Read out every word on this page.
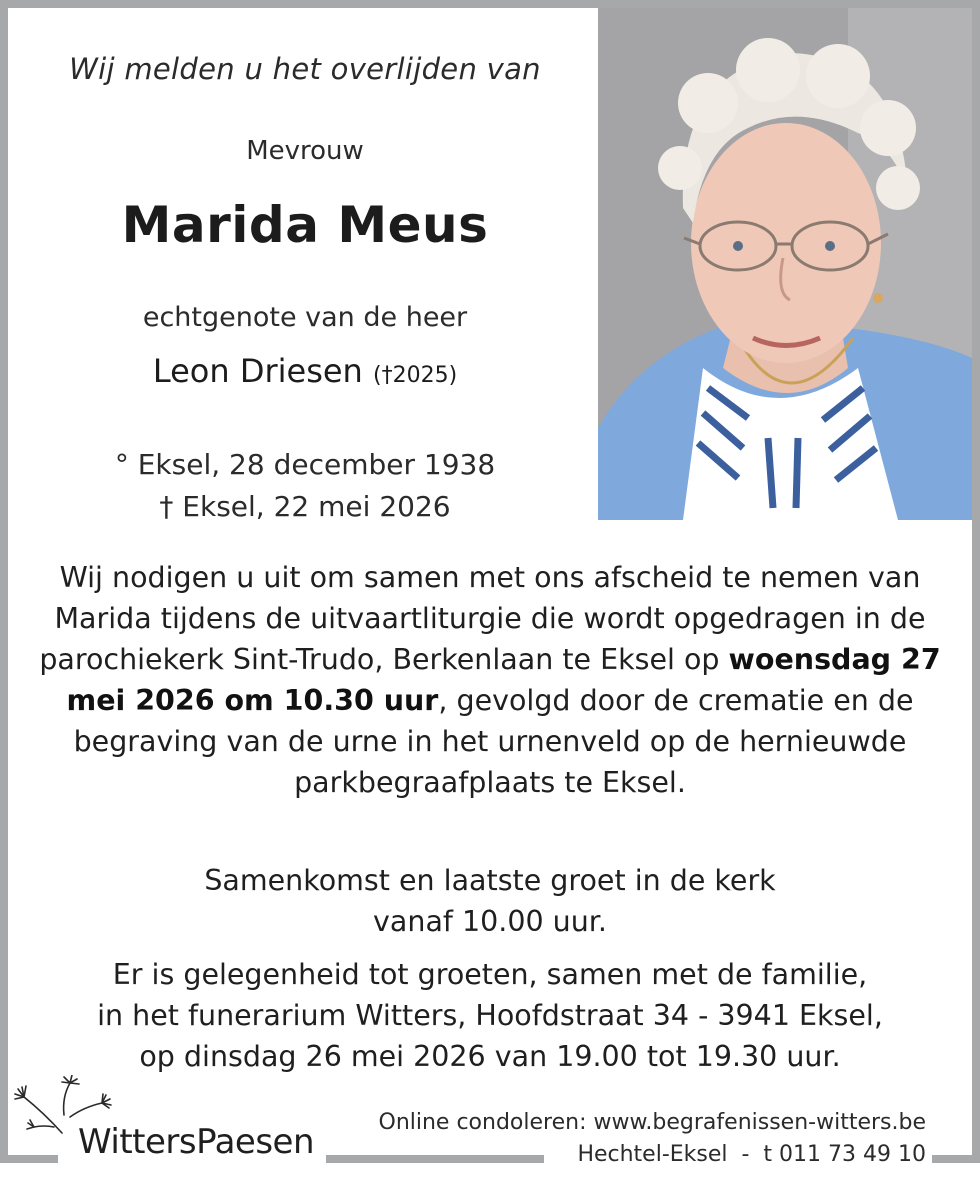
Wij melden u het overlijden van
Mevrouw
Marida Meus
echtgenote van de heer
Leon Driesen (†2025)
° Eksel, 28 december 1938
† Eksel, 22 mei 2026
Wij nodigen u uit om samen met ons afscheid te nemen van Marida tijdens de uitvaartliturgie die wordt opgedragen in de parochiekerk Sint-Trudo, Berkenlaan te Eksel op woensdag 27 mei 2026 om 10.30 uur, gevolgd door de crematie en de begraving van de urne in het urnenveld op de hernieuwde parkbegraafplaats te Eksel.
Samenkomst en laatste groet in de kerk
vanaf 10.00 uur.
Er is gelegenheid tot groeten, samen met de familie,
in het funerarium Witters, Hoofdstraat 34 - 3941 Eksel,
op dinsdag 26 mei 2026 van 19.00 tot 19.30 uur.
WittersPaesen	Online condoleren: www.begrafenissen-witters.be
Hechtel-Eksel  -  t 011 73 49 10
